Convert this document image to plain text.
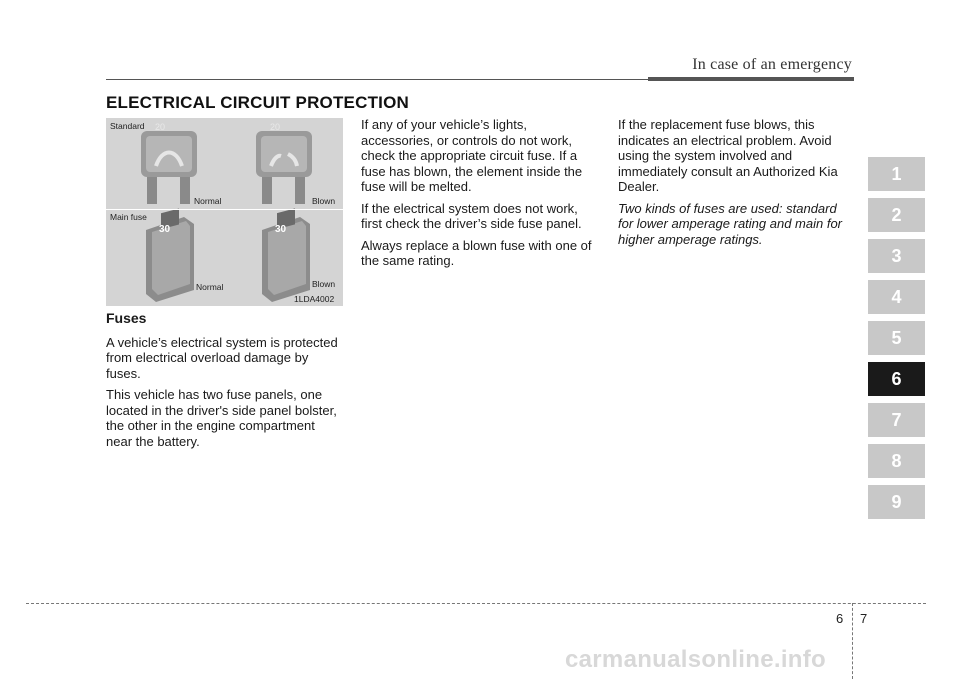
In case of an emergency
ELECTRICAL CIRCUIT PROTECTION
Standard 20	20
Normal	Blown
Main fuse
30	30
Normal	Blown
1LDA4002
Fuses

A vehicle’s electrical system is protected from electrical overload damage by fuses.

This vehicle has two fuse panels, one located in the driver's side panel bolster, the other in the engine compartment near the battery.

If any of your vehicle’s lights, accessories, or controls do not work, check the appropriate circuit fuse. If a fuse has blown, the element inside the fuse will be melted.

If the electrical system does not work, first check the driver’s side fuse panel.

Always replace a blown fuse with one of the same rating.

If the replacement fuse blows, this indicates an electrical problem. Avoid using the system involved and immediately consult an Authorized Kia Dealer.

Two kinds of fuses are used: standard for lower amperage rating and main for higher amperage ratings.

1
2
3
4
5
6
7
8
9
6 7
carmanualsonline.info
